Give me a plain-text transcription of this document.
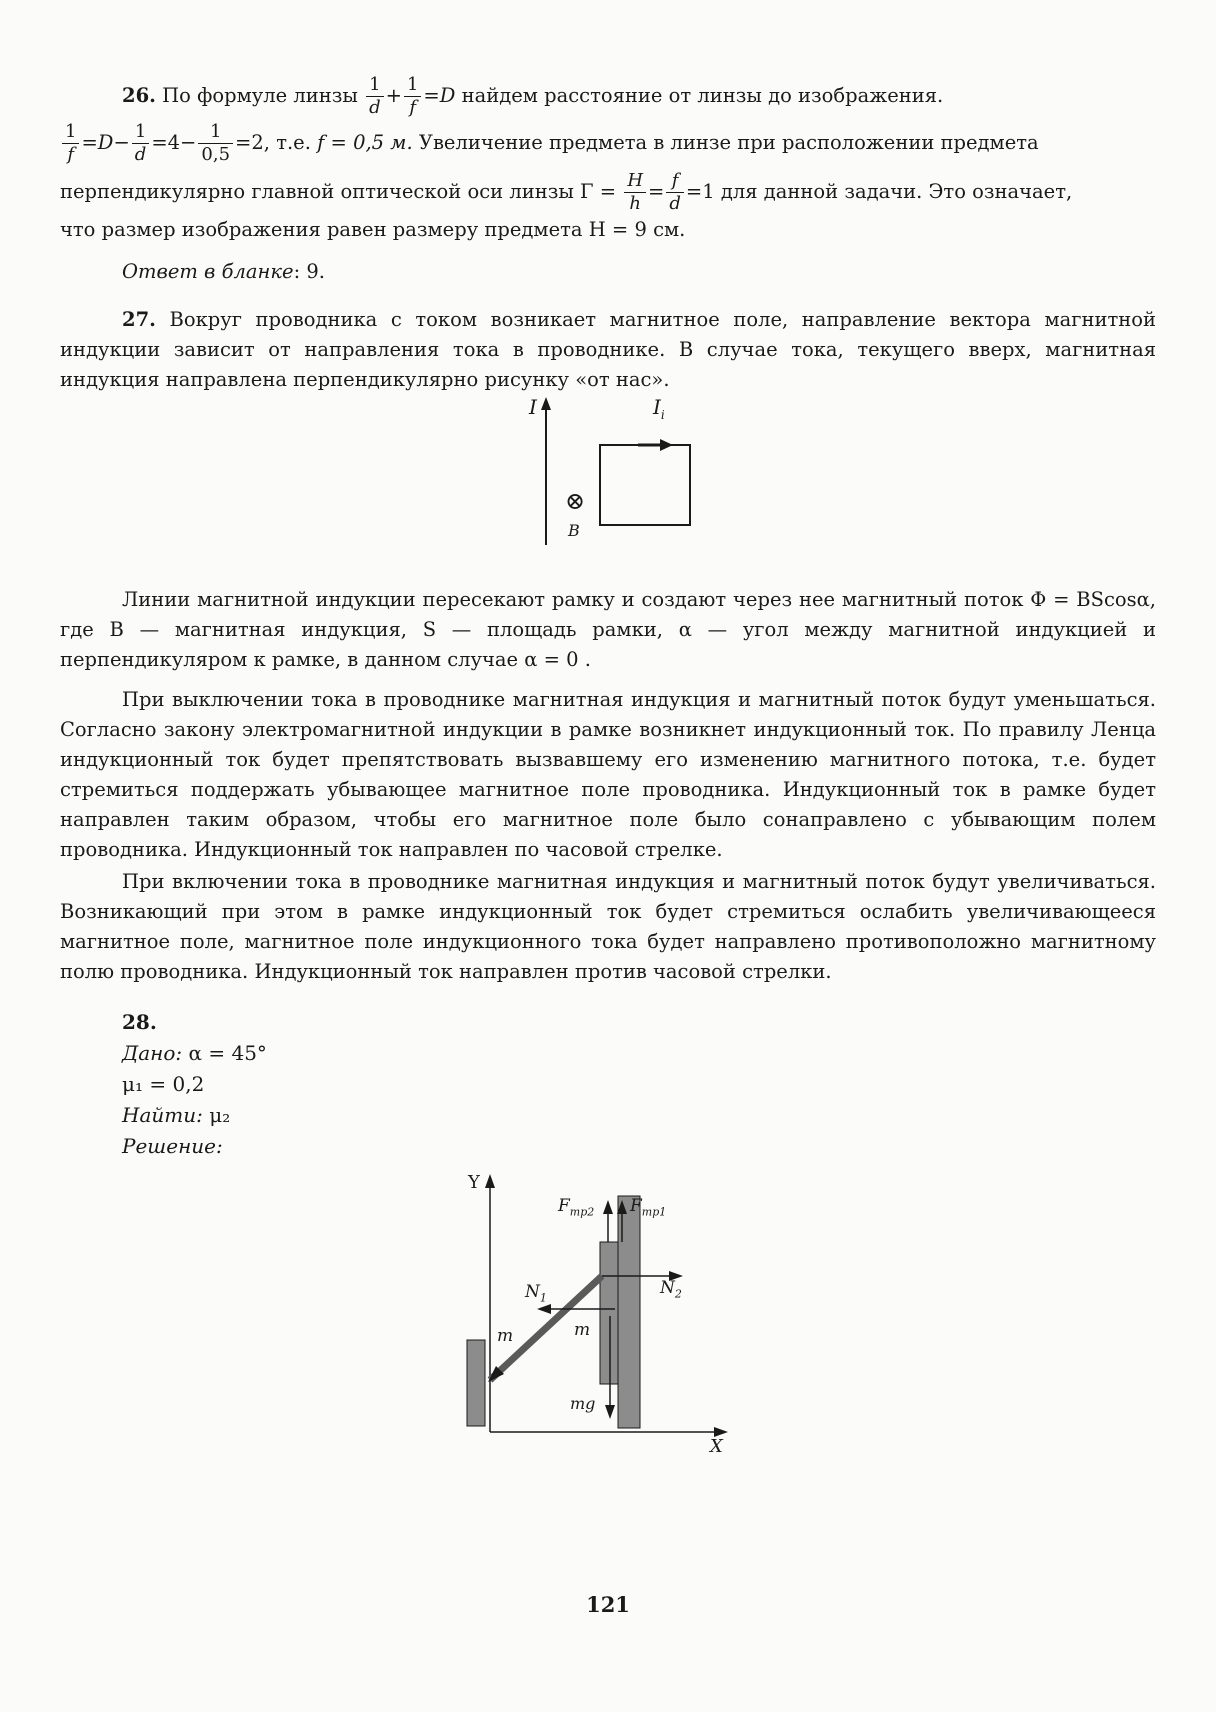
26. По формуле линзы $\frac{1}{d} + \frac{1}{f} =D$ найдем расстояние от линзы до изображения.

$\frac{1}{f} =D- \frac{1}{d} =4- \frac{1}{0,5} =2$, т.е. f = 0,5 м. Увеличение предмета в линзе при расположении предмета

перпендикулярно главной оптической оси линзы $\Gamma = \frac{H}{h} = \frac{f}{d} =1$ для данной задачи. Это означает,

что размер изображения равен размеру предмета H = 9 см.

Ответ в бланке: 9.

27. Вокруг проводника с током возникает магнитное поле, направление вектора магнитной индукции зависит от направления тока в проводнике. В случае тока, текущего вверх, магнитная индукция направлена перпендикулярно рисунку «от нас».

I	$I_i$
⊗
B

Линии магнитной индукции пересекают рамку и создают через нее магнитный поток Φ = BScosα, где B — магнитная индукция, S — площадь рамки, α — угол между магнитной индукцией и перпендикуляром к рамке, в данном случае α = 0 .

При выключении тока в проводнике магнитная индукция и магнитный поток будут уменьшаться. Согласно закону электромагнитной индукции в рамке возникнет индукционный ток. По правилу Ленца индукционный ток будет препятствовать вызвавшему его изменению магнитного потока, т.е. будет стремиться поддержать убывающее магнитное поле проводника. Индукционный ток в рамке будет направлен таким образом, чтобы его магнитное поле было сонаправлено с убывающим полем проводника. Индукционный ток направлен по часовой стрелке.

При включении тока в проводнике магнитная индукция и магнитный поток будут увеличиваться. Возникающий при этом в рамке индукционный ток будет стремиться ослабить увеличивающееся магнитное поле, магнитное поле индукционного тока будет направлено противоположно магнитному полю проводника. Индукционный ток направлен против часовой стрелки.

28.
Дано: α = 45°
μ₁ = 0,2
Найти: μ₂
Решение:
Y
X
$F_{тр2}$ $F_{тр1}$
$N_1$	$N_2$
m	m
mg
121
